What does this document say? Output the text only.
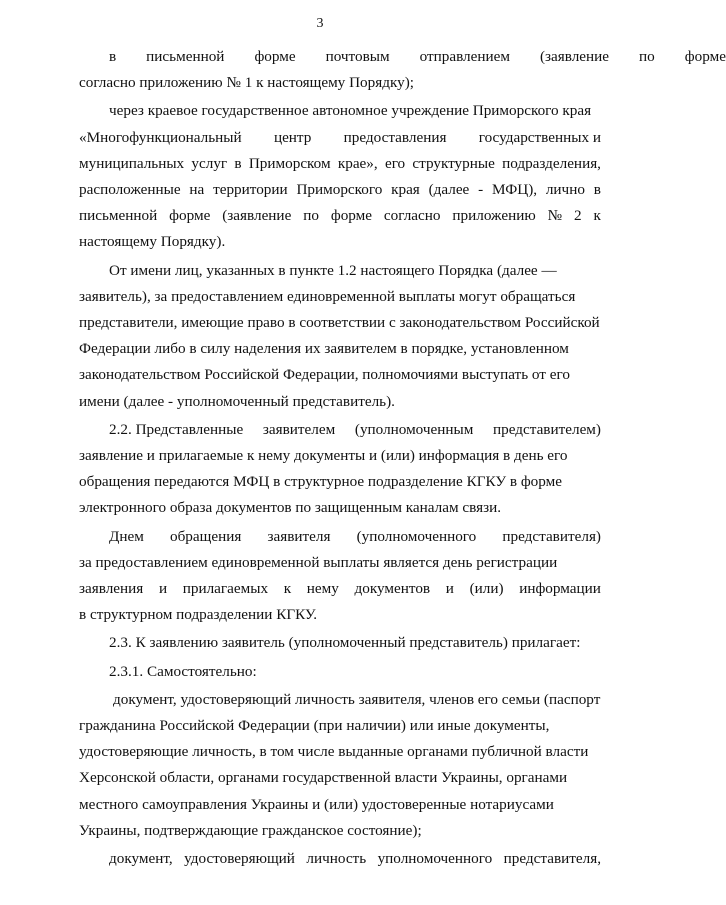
3
в	письменной	форме	почтовым	отправлением	(заявление	по	форме
согласно приложению № 1 к настоящему Порядку);
через краевое государственное автономное учреждение Приморского края
«Многофункциональный центр предоставления государственных и
муниципальных услуг в Приморском крае», его структурные подразделения,
расположенные на территории Приморского края (далее - МФЦ), лично в
письменной форме (заявление по форме согласно приложению № 2 к
настоящему Порядку).
От имени лиц, указанных в пункте 1.2 настоящего Порядка (далее —
заявитель), за предоставлением единовременной выплаты могут обращаться
представители, имеющие право в соответствии с законодательством Российской
Федерации либо в силу наделения их заявителем в порядке, установленном
законодательством Российской Федерации, полномочиями выступать от его
имени (далее - уполномоченный представитель).
2.2. Представленные заявителем (уполномоченным представителем)
заявление и прилагаемые к нему документы и (или) информация в день его
обращения передаются МФЦ в структурное подразделение КГКУ в форме
электронного образа документов по защищенным каналам связи.
Днем обращения заявителя (уполномоченного представителя)
за предоставлением единовременной выплаты является день регистрации
заявления и прилагаемых к нему документов и (или) информации
в структурном подразделении КГКУ.
2.3. К заявлению заявитель (уполномоченный представитель) прилагает:
2.3.1. Самостоятельно:
документ, удостоверяющий личность заявителя, членов его семьи (паспорт
гражданина Российской Федерации (при наличии) или иные документы,
удостоверяющие личность, в том числе выданные органами публичной власти
Херсонской области, органами государственной власти Украины, органами
местного самоуправления Украины и (или) удостоверенные нотариусами
Украины, подтверждающие гражданское состояние);
документ, удостоверяющий личность уполномоченного представителя,
